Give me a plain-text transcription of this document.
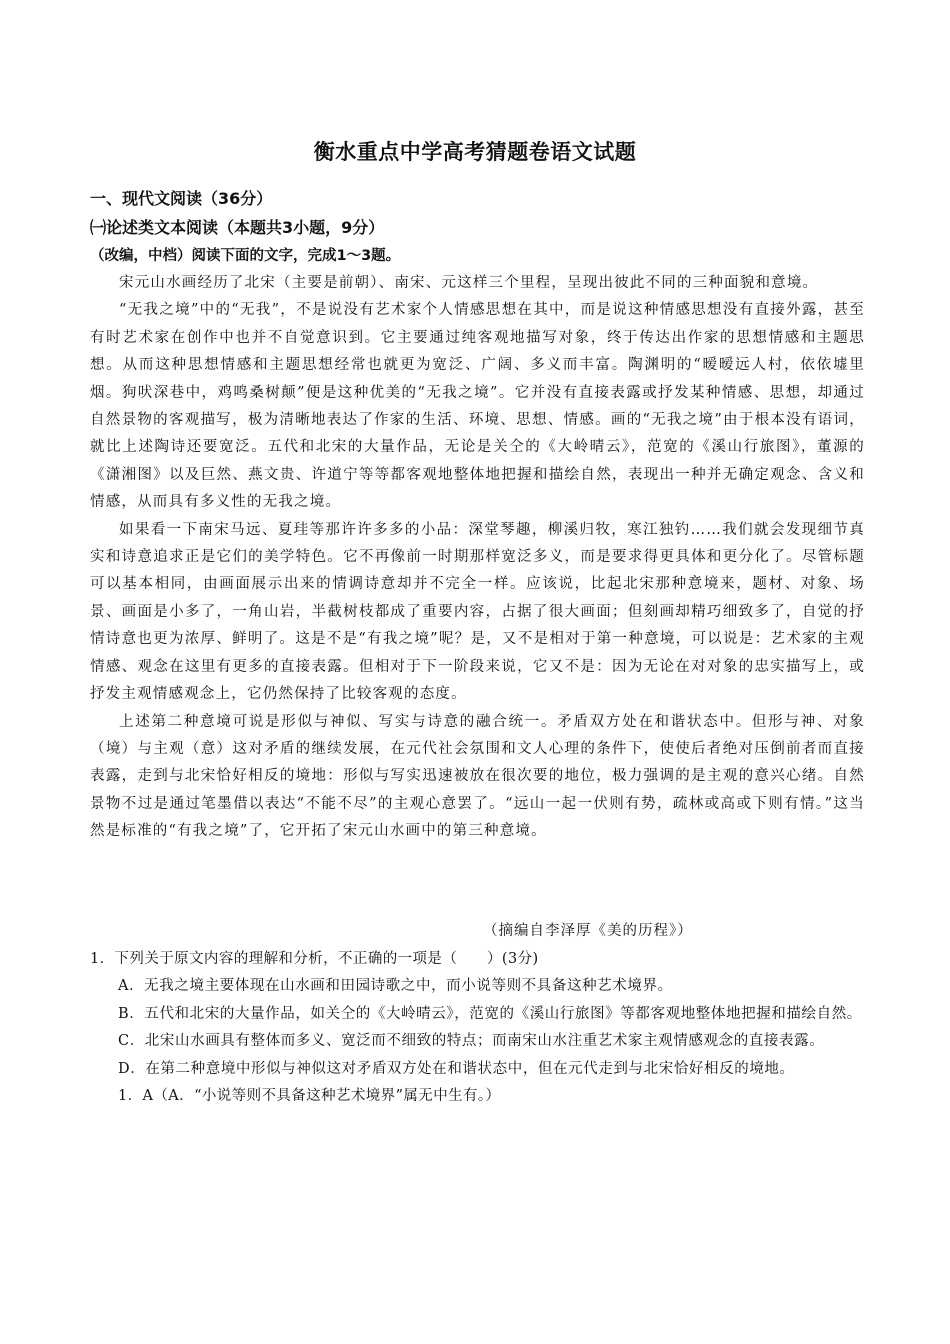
衡水重点中学高考猜题卷语文试题
一、现代文阅读（36分）
㈠论述类文本阅读（本题共3小题，9分）
（改编，中档）阅读下面的文字，完成1～3题。

宋元山水画经历了北宋（主要是前朝）、南宋、元这样三个里程，呈现出彼此不同的三种面貌和意境。

“无我之境”中的“无我”，不是说没有艺术家个人情感思想在其中，而是说这种情感思想没有直接外露，甚至有时艺术家在创作中也并不自觉意识到。它主要通过纯客观地描写对象，终于传达出作家的思想情感和主题思想。从而这种思想情感和主题思想经常也就更为宽泛、广阔、多义而丰富。陶渊明的“暧暧远人村，依依墟里烟。狗吠深巷中，鸡鸣桑树颠”便是这种优美的“无我之境”。它并没有直接表露或抒发某种情感、思想，却通过自然景物的客观描写，极为清晰地表达了作家的生活、环境、思想、情感。画的“无我之境”由于根本没有语词，就比上述陶诗还要宽泛。五代和北宋的大量作品，无论是关仝的《大岭晴云》，范宽的《溪山行旅图》，董源的《潇湘图》以及巨然、燕文贵、许道宁等等都客观地整体地把握和描绘自然，表现出一种并无确定观念、含义和情感，从而具有多义性的无我之境。

如果看一下南宋马远、夏珪等那许许多多的小品：深堂琴趣，柳溪归牧，寒江独钓……我们就会发现细节真实和诗意追求正是它们的美学特色。它不再像前一时期那样宽泛多义，而是要求得更具体和更分化了。尽管标题可以基本相同，由画面展示出来的情调诗意却并不完全一样。应该说，比起北宋那种意境来，题材、对象、场景、画面是小多了，一角山岩，半截树枝都成了重要内容，占据了很大画面；但刻画却精巧细致多了，自觉的抒情诗意也更为浓厚、鲜明了。这是不是“有我之境”呢？是，又不是相对于第一种意境，可以说是：艺术家的主观情感、观念在这里有更多的直接表露。但相对于下一阶段来说，它又不是：因为无论在对对象的忠实描写上，或抒发主观情感观念上，它仍然保持了比较客观的态度。

上述第二种意境可说是形似与神似、写实与诗意的融合统一。矛盾双方处在和谐状态中。但形与神、对象（境）与主观（意）这对矛盾的继续发展，在元代社会氛围和文人心理的条件下，使使后者绝对压倒前者而直接表露，走到与北宋恰好相反的境地：形似与写实迅速被放在很次要的地位，极力强调的是主观的意兴心绪。自然景物不过是通过笔墨借以表达“不能不尽”的主观心意罢了。“远山一起一伏则有势，疏林或高或下则有情。”这当然是标准的“有我之境”了，它开拓了宋元山水画中的第三种意境。

（摘编自李泽厚《美的历程》）

1．下列关于原文内容的理解和分析，不正确的一项是（　　）(3分)

A．无我之境主要体现在山水画和田园诗歌之中，而小说等则不具备这种艺术境界。

B．五代和北宋的大量作品，如关仝的《大岭晴云》，范宽的《溪山行旅图》等都客观地整体地把握和描绘自然。

C．北宋山水画具有整体而多义、宽泛而不细致的特点；而南宋山水注重艺术家主观情感观念的直接表露。

D．在第二种意境中形似与神似这对矛盾双方处在和谐状态中，但在元代走到与北宋恰好相反的境地。

1．A（A．“小说等则不具备这种艺术境界”属无中生有。）
